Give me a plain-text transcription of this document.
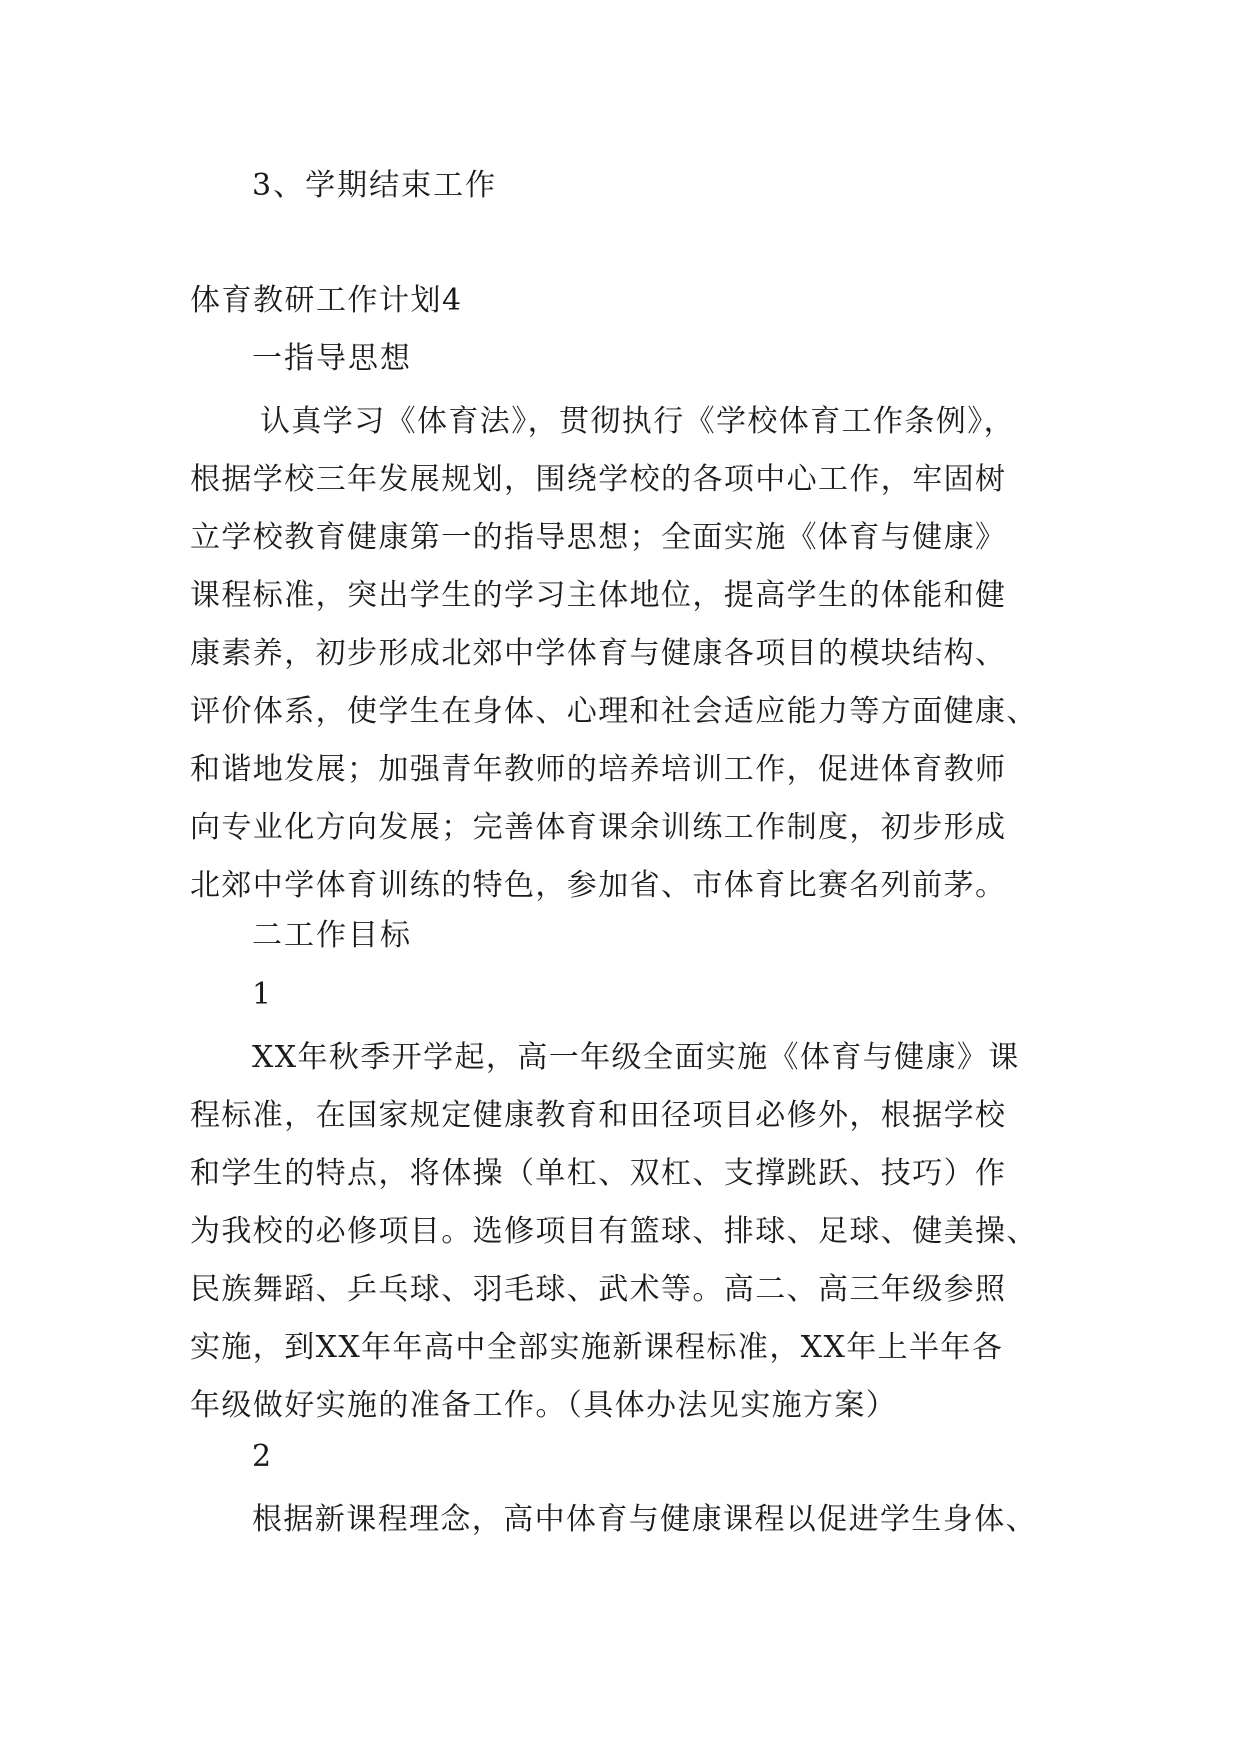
3、学期结束工作
体育教研工作计划4
一指导思想
认真学习《体育法》，贯彻执行《学校体育工作条例》，
根据学校三年发展规划，围绕学校的各项中心工作，牢固树
立学校教育健康第一的指导思想；全面实施《体育与健康》
课程标准，突出学生的学习主体地位，提高学生的体能和健
康素养，初步形成北郊中学体育与健康各项目的模块结构、
评价体系，使学生在身体、心理和社会适应能力等方面健康、
和谐地发展；加强青年教师的培养培训工作，促进体育教师
向专业化方向发展；完善体育课余训练工作制度，初步形成
北郊中学体育训练的特色，参加省、市体育比赛名列前茅。
二工作目标
1
XX年秋季开学起，高一年级全面实施《体育与健康》课
程标准，在国家规定健康教育和田径项目必修外，根据学校
和学生的特点，将体操（单杠、双杠、支撑跳跃、技巧）作
为我校的必修项目。选修项目有篮球、排球、足球、健美操、
民族舞蹈、乒乓球、羽毛球、武术等。高二、高三年级参照
实施，到XX年年高中全部实施新课程标准，XX年上半年各
年级做好实施的准备工作。（具体办法见实施方案）
2
根据新课程理念，高中体育与健康课程以促进学生身体、
